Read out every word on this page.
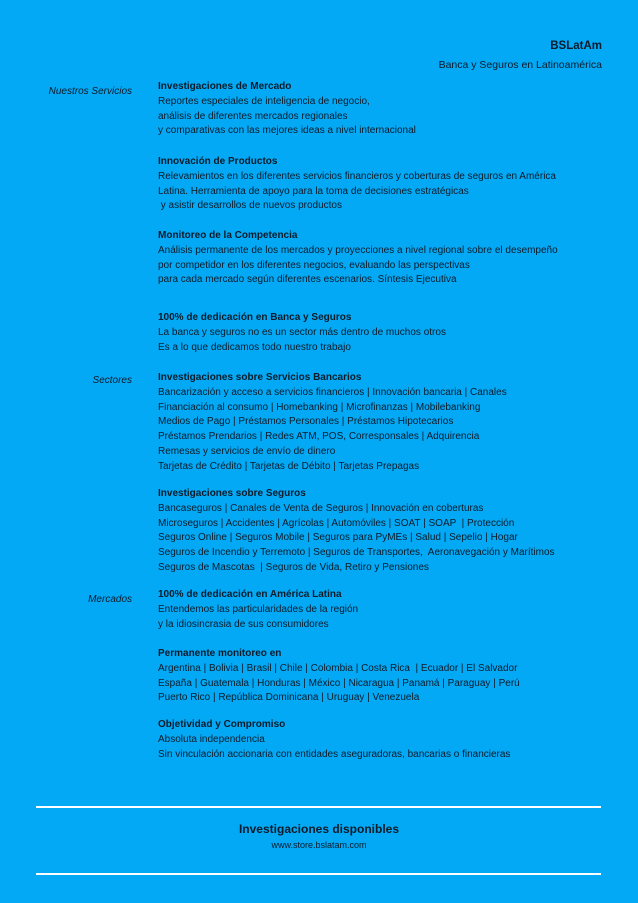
BSLatAm
Banca y Seguros en Latinoamérica
Nuestros Servicios
Sectores
Mercados

Investigaciones de Mercado

Reportes especiales de inteligencia de negocio,

análisis de diferentes mercados regionales

y comparativas con las mejores ideas a nivel internacional

Innovación de Productos

Relevamientos en los diferentes servicios financieros y coberturas de seguros en América

Latina. Herramienta de apoyo para la toma de decisiones estratégicas

y asistir desarrollos de nuevos productos

Monitoreo de la Competencia

Análisis permanente de los mercados y proyecciones a nivel regional sobre el desempeño

por competidor en los diferentes negocios, evaluando las perspectivas

para cada mercado según diferentes escenarios. Síntesis Ejecutiva

100% de dedicación en Banca y Seguros

La banca y seguros no es un sector más dentro de muchos otros

Es a lo que dedicamos todo nuestro trabajo

Investigaciones sobre Servicios Bancarios

Bancarización y acceso a servicios financieros | Innovación bancaria | Canales

Financiación al consumo | Homebanking | Microfinanzas | Mobilebanking

Medios de Pago | Préstamos Personales | Préstamos Hipotecarios

Préstamos Prendarios | Redes ATM, POS, Corresponsales | Adquirencia

Remesas y servicios de envío de dinero

Tarjetas de Crédito | Tarjetas de Débito | Tarjetas Prepagas

Investigaciones sobre Seguros

Bancaseguros | Canales de Venta de Seguros | Innovación en coberturas

Microseguros | Accidentes | Agrícolas | Automóviles | SOAT | SOAP  | Protección

Seguros Online | Seguros Mobile | Seguros para PyMEs | Salud | Sepelio | Hogar

Seguros de Incendio y Terremoto | Seguros de Transportes,  Aeronavegación y Marítimos

Seguros de Mascotas  | Seguros de Vida, Retiro y Pensiones

100% de dedicación en América Latina

Entendemos las particularidades de la región

y la idiosincrasia de sus consumidores

Permanente monitoreo en

Argentina | Bolivia | Brasil | Chile | Colombia | Costa Rica  | Ecuador | El Salvador

España | Guatemala | Honduras | México | Nicaragua | Panamá | Paraguay | Perú

Puerto Rico | República Dominicana | Uruguay | Venezuela

Objetividad y Compromiso

Absoluta independencia

Sin vinculación accionaria con entidades aseguradoras, bancarias o financieras

Investigaciones disponibles
www.store.bslatam.com
